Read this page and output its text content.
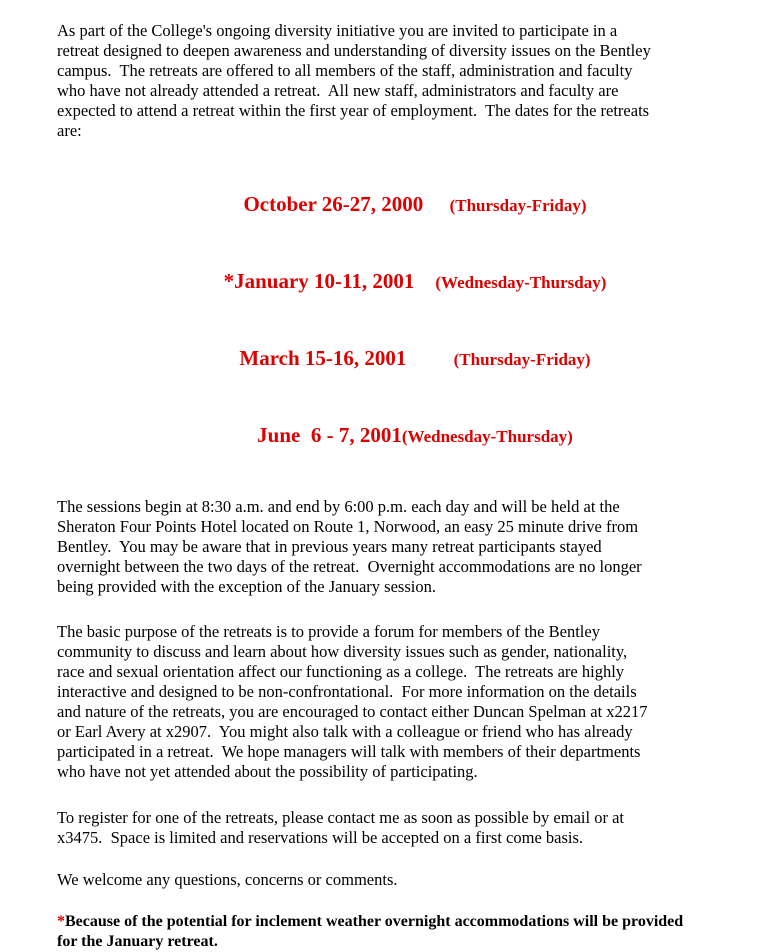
As part of the College's ongoing diversity initiative you are invited to participate in a
retreat designed to deepen awareness and understanding of diversity issues on the Bentley
campus.  The retreats are offered to all members of the staff, administration and faculty
who have not already attended a retreat.  All new staff, administrators and faculty are
expected to attend a retreat within the first year of employment.  The dates for the retreats
are:

October 26-27, 2000 (Thursday-Friday)

*January 10-11, 2001 (Wednesday-Thursday)

March 15-16, 2001	(Thursday-Friday)

June  6 - 7, 2001(Wednesday-Thursday)

The sessions begin at 8:30 a.m. and end by 6:00 p.m. each day and will be held at the
Sheraton Four Points Hotel located on Route 1, Norwood, an easy 25 minute drive from
Bentley.  You may be aware that in previous years many retreat participants stayed
overnight between the two days of the retreat.  Overnight accommodations are no longer
being provided with the exception of the January session.
The basic purpose of the retreats is to provide a forum for members of the Bentley
community to discuss and learn about how diversity issues such as gender, nationality,
race and sexual orientation affect our functioning as a college.  The retreats are highly
interactive and designed to be non-confrontational.  For more information on the details
and nature of the retreats, you are encouraged to contact either Duncan Spelman at x2217
or Earl Avery at x2907.  You might also talk with a colleague or friend who has already
participated in a retreat.  We hope managers will talk with members of their departments
who have not yet attended about the possibility of participating.
To register for one of the retreats, please contact me as soon as possible by email or at
x3475.  Space is limited and reservations will be accepted on a first come basis.
We welcome any questions, concerns or comments.
*Because of the potential for inclement weather overnight accommodations will be provided
for the January retreat.
